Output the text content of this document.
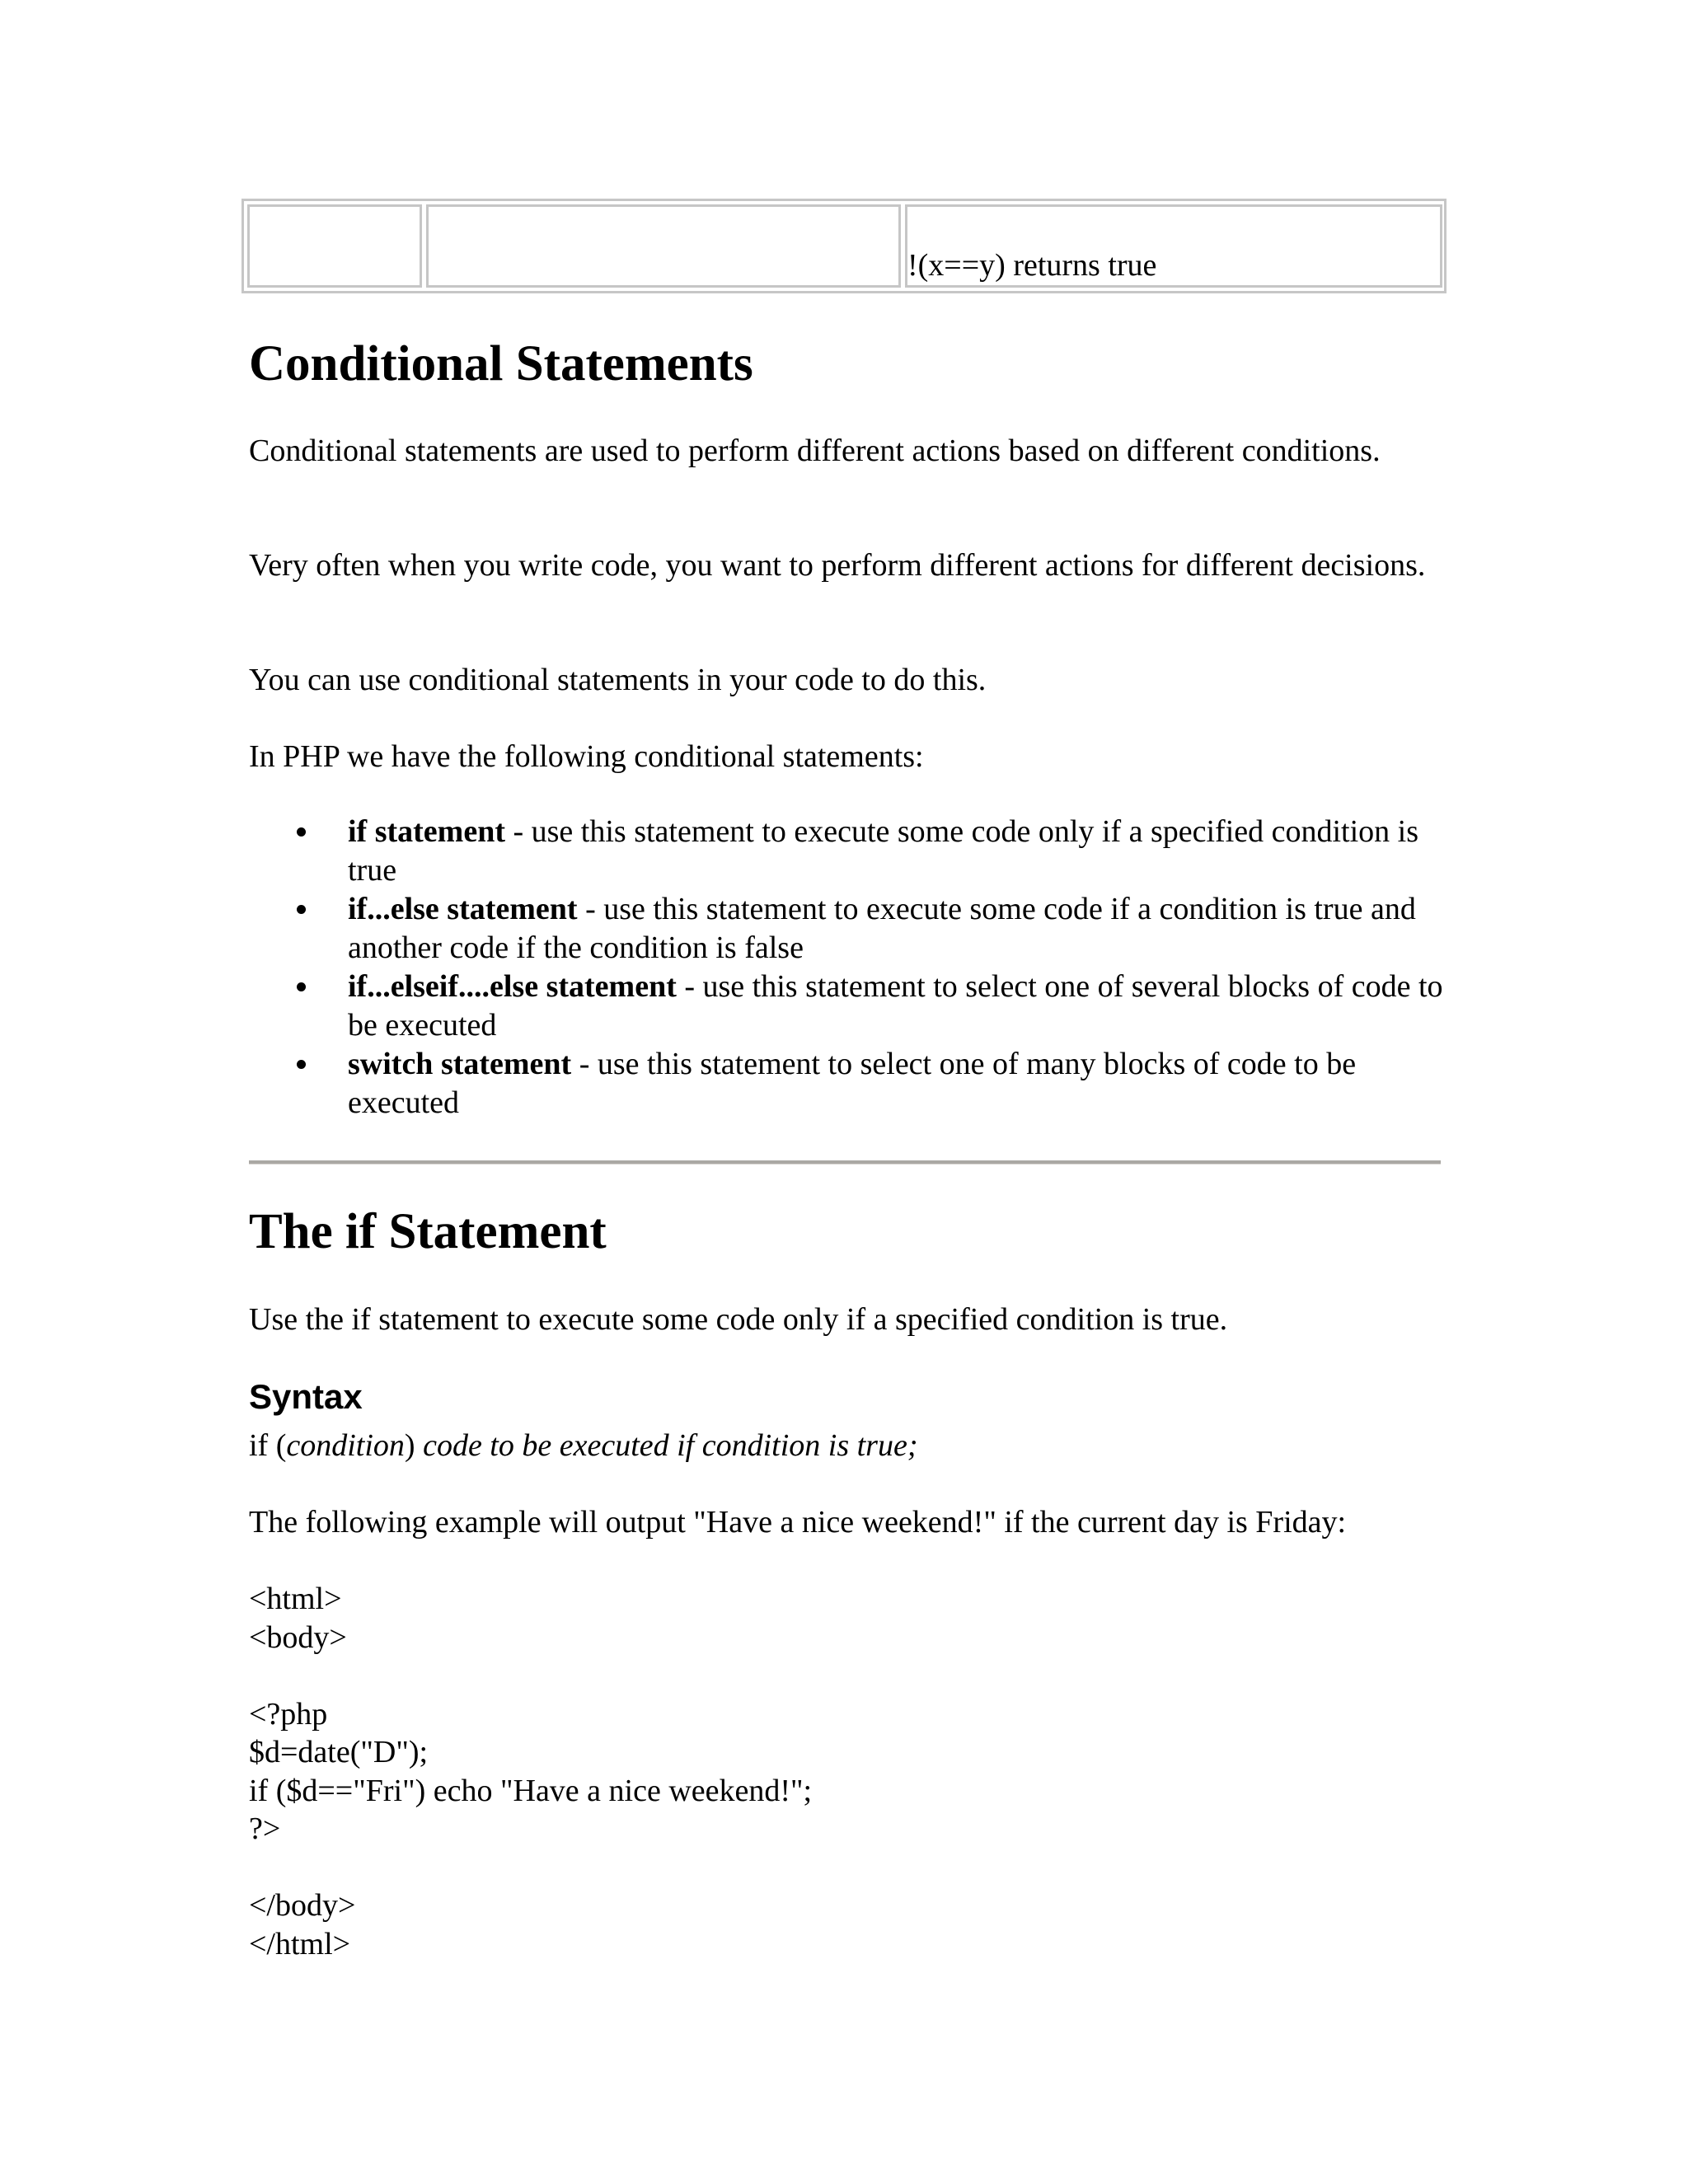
!(x==y) returns true
Conditional Statements

Conditional statements are used to perform different actions based on different conditions.

Very often when you write code, you want to perform different actions for different decisions.

You can use conditional statements in your code to do this.

In PHP we have the following conditional statements:

if statement - use this statement to execute some code only if a specified condition is true
if...else statement - use this statement to execute some code if a condition is true and another code if the condition is false
if...elseif....else statement - use this statement to select one of several blocks of code to be executed
switch statement - use this statement to select one of many blocks of code to be executed
The if Statement

Use the if statement to execute some code only if a specified condition is true.

Syntax

if (condition) code to be executed if condition is true;

The following example will output "Have a nice weekend!" if the current day is Friday:

<html>
<body>

<?php
$d=date("D");
if ($d=="Fri") echo "Have a nice weekend!";
?>

</body>
</html>
